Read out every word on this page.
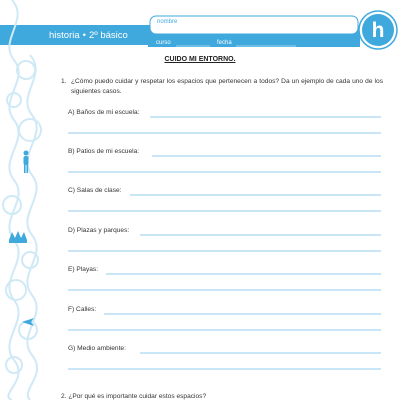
h
historia • 2º básico
nombre
curso	fecha
CUIDO MI ENTORNO.
1. ¿Cómo puedo cuidar y respetar los espacios que pertenecen a todos? Da un ejemplo de cada uno de los siguientes casos.
A) Baños de mi escuela:
B) Patios de mi escuela:
C) Salas de clase:
D) Plazas y parques:
E) Playas:
F) Calles:
G) Medio ambiente:
2. ¿Por qué es importante cuidar estos espacios?
